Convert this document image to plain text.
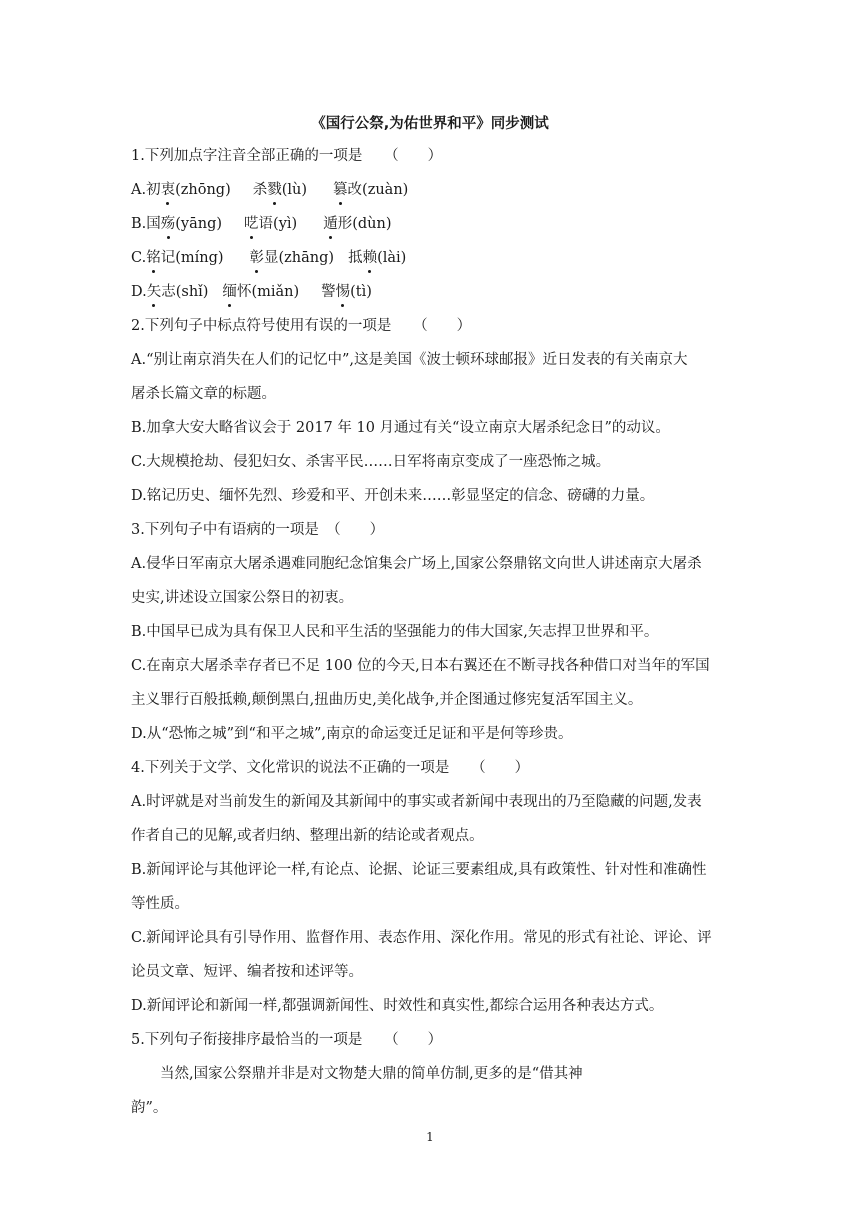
《国行公祭,为佑世界和平》同步测试
1.下列加点字注音全部正确的一项是　　（　　）
A.初衷(zhōng) 杀戮(lù) 篡改(zuàn)
B.国殇(yāng) 呓语(yì) 遁形(dùn)
C.铭记(míng) 彰显(zhāng) 抵赖(lài)
D.矢志(shǐ) 缅怀(miǎn) 警惕(tì)
2.下列句子中标点符号使用有误的一项是　　（　　）
A.“别让南京消失在人们的记忆中”,这是美国《波士顿环球邮报》近日发表的有关南京大
屠杀长篇文章的标题。
B.加拿大安大略省议会于 2017 年 10 月通过有关“设立南京大屠杀纪念日”的动议。
C.大规模抢劫、侵犯妇女、杀害平民……日军将南京变成了一座恐怖之城。
D.铭记历史、缅怀先烈、珍爱和平、开创未来……彰显坚定的信念、磅礴的力量。
3.下列句子中有语病的一项是　（　　）
A.侵华日军南京大屠杀遇难同胞纪念馆集会广场上,国家公祭鼎铭文向世人讲述南京大屠杀
史实,讲述设立国家公祭日的初衷。
B.中国早已成为具有保卫人民和平生活的坚强能力的伟大国家,矢志捍卫世界和平。
C.在南京大屠杀幸存者已不足 100 位的今天,日本右翼还在不断寻找各种借口对当年的军国
主义罪行百般抵赖,颠倒黑白,扭曲历史,美化战争,并企图通过修宪复活军国主义。
D.从“恐怖之城”到“和平之城”,南京的命运变迁足证和平是何等珍贵。
4.下列关于文学、文化常识的说法不正确的一项是　　（　　）
A.时评就是对当前发生的新闻及其新闻中的事实或者新闻中表现出的乃至隐藏的问题,发表
作者自己的见解,或者归纳、整理出新的结论或者观点。
B.新闻评论与其他评论一样,有论点、论据、论证三要素组成,具有政策性、针对性和准确性
等性质。
C.新闻评论具有引导作用、监督作用、表态作用、深化作用。常见的形式有社论、评论、评
论员文章、短评、编者按和述评等。
D.新闻评论和新闻一样,都强调新闻性、时效性和真实性,都综合运用各种表达方式。
5.下列句子衔接排序最恰当的一项是　　（　　）
当然,国家公祭鼎并非是对文物楚大鼎的简单仿制,更多的是“借其神
韵”。
1
